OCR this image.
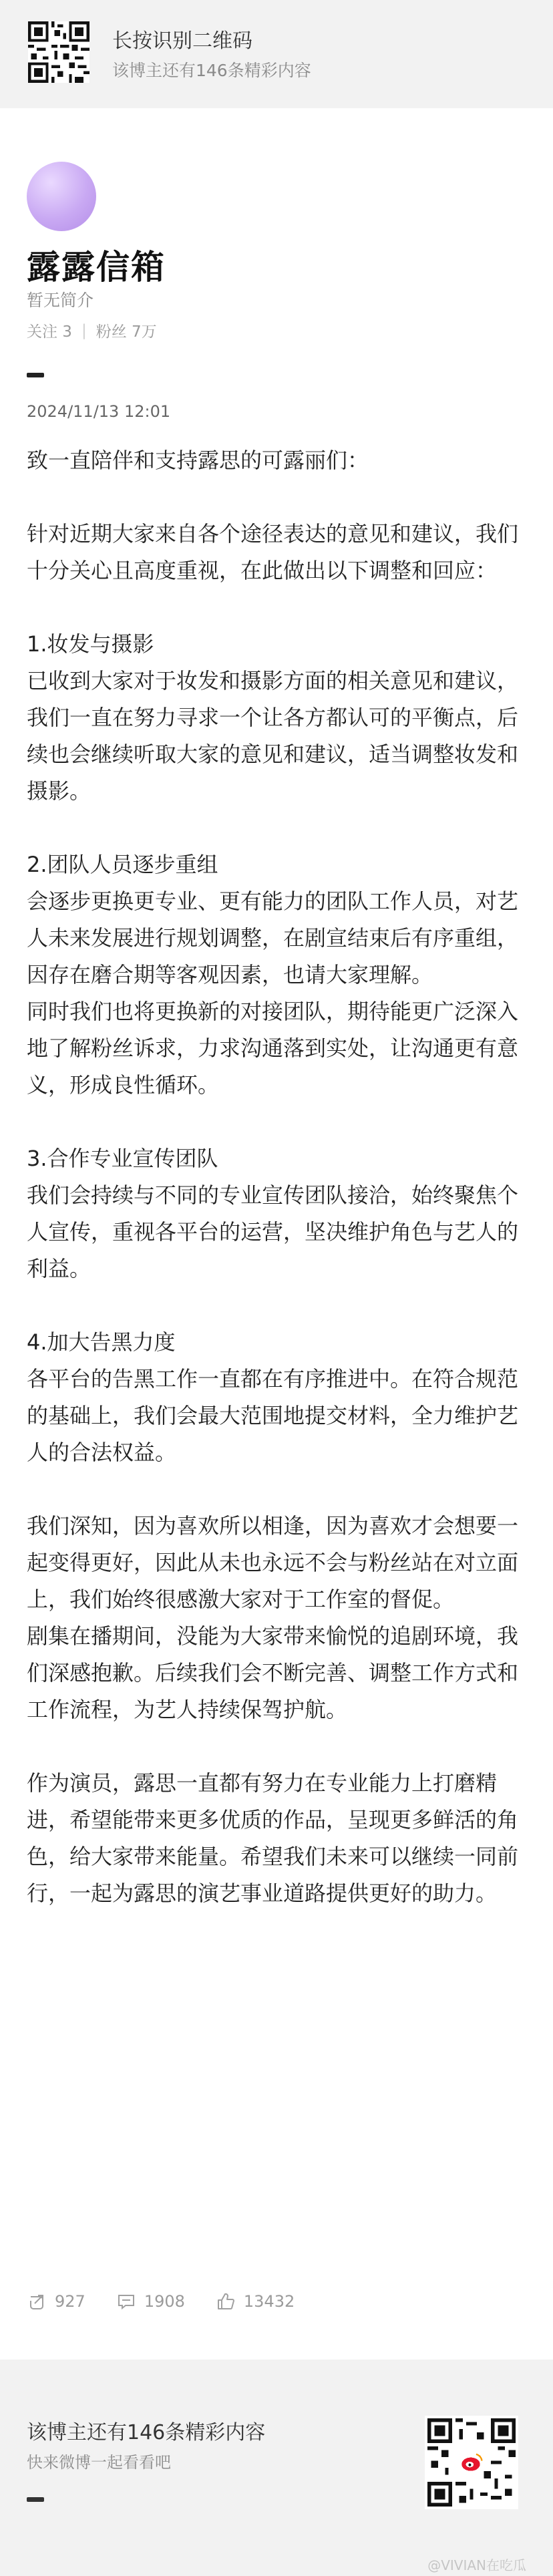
长按识别二维码
该博主还有146条精彩内容
露露信箱
暂无简介
关注 3 | 粉丝 7万
2024/11/13 12:01

致一直陪伴和支持露思的可露丽们：

针对近期大家来自各个途径表达的意见和建议，我们十分关心且高度重视，在此做出以下调整和回应：

1.妆发与摄影

已收到大家对于妆发和摄影方面的相关意见和建议，我们一直在努力寻求一个让各方都认可的平衡点，后续也会继续听取大家的意见和建议，适当调整妆发和摄影。

2.团队人员逐步重组

会逐步更换更专业、更有能力的团队工作人员，对艺人未来发展进行规划调整，在剧宣结束后有序重组，因存在磨合期等客观因素，也请大家理解。

同时我们也将更换新的对接团队，期待能更广泛深入地了解粉丝诉求，力求沟通落到实处，让沟通更有意义，形成良性循环。

3.合作专业宣传团队

我们会持续与不同的专业宣传团队接洽，始终聚焦个人宣传，重视各平台的运营，坚决维护角色与艺人的利益。

4.加大告黑力度

各平台的告黑工作一直都在有序推进中。在符合规范的基础上，我们会最大范围地提交材料，全力维护艺人的合法权益。

我们深知，因为喜欢所以相逢，因为喜欢才会想要一起变得更好，因此从未也永远不会与粉丝站在对立面上，我们始终很感激大家对于工作室的督促。

剧集在播期间，没能为大家带来愉悦的追剧环境，我们深感抱歉。后续我们会不断完善、调整工作方式和工作流程，为艺人持续保驾护航。

作为演员，露思一直都有努力在专业能力上打磨精进，希望能带来更多优质的作品，呈现更多鲜活的角色，给大家带来能量。希望我们未来可以继续一同前行，一起为露思的演艺事业道路提供更好的助力。

927	1908	13432
该博主还有146条精彩内容
快来微博一起看看吧
@VIVIAN在吃瓜
